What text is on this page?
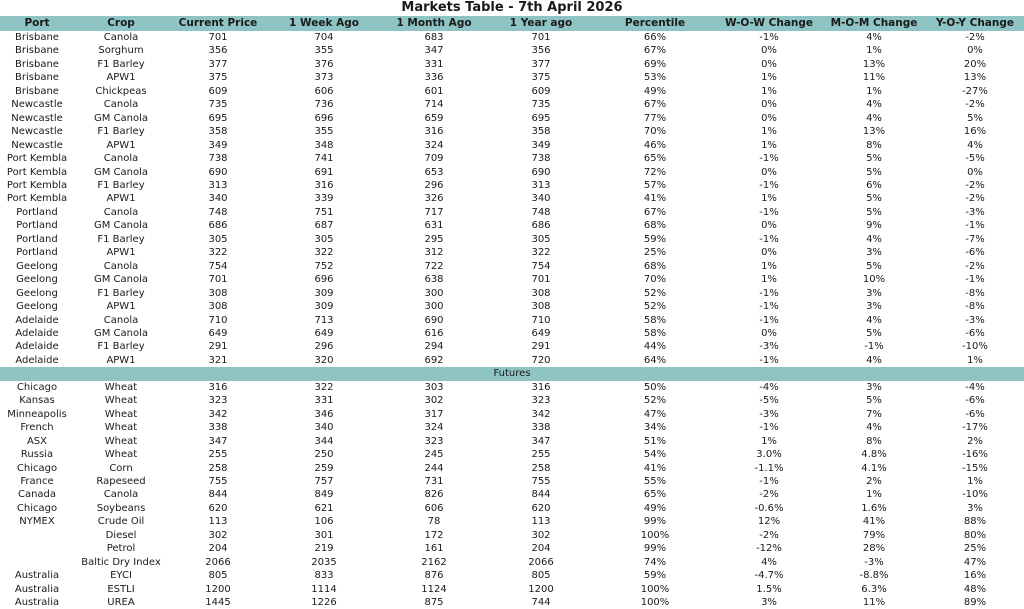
Markets Table - 7th April 2026
Port	Crop	Current Price	1 Week Ago	1 Month Ago	1 Year ago	Percentile	W-O-W Change	M-O-M Change	Y-O-Y Change
Brisbane	Canola	701	704	683	701	66%	-1%	4%	-2%
Brisbane	Sorghum	356	355	347	356	67%	0%	1%	0%
Brisbane	F1 Barley	377	376	331	377	69%	0%	13%	20%
Brisbane	APW1	375	373	336	375	53%	1%	11%	13%
Brisbane	Chickpeas	609	606	601	609	49%	1%	1%	-27%
Newcastle	Canola	735	736	714	735	67%	0%	4%	-2%
Newcastle	GM Canola	695	696	659	695	77%	0%	4%	5%
Newcastle	F1 Barley	358	355	316	358	70%	1%	13%	16%
Newcastle	APW1	349	348	324	349	46%	1%	8%	4%
Port Kembla	Canola	738	741	709	738	65%	-1%	5%	-5%
Port Kembla	GM Canola	690	691	653	690	72%	0%	5%	0%
Port Kembla	F1 Barley	313	316	296	313	57%	-1%	6%	-2%
Port Kembla	APW1	340	339	326	340	41%	1%	5%	-2%
Portland	Canola	748	751	717	748	67%	-1%	5%	-3%
Portland	GM Canola	686	687	631	686	68%	0%	9%	-1%
Portland	F1 Barley	305	305	295	305	59%	-1%	4%	-7%
Portland	APW1	322	322	312	322	25%	0%	3%	-6%
Geelong	Canola	754	752	722	754	68%	1%	5%	-2%
Geelong	GM Canola	701	696	638	701	70%	1%	10%	-1%
Geelong	F1 Barley	308	309	300	308	52%	-1%	3%	-8%
Geelong	APW1	308	309	300	308	52%	-1%	3%	-8%
Adelaide	Canola	710	713	690	710	58%	-1%	4%	-3%
Adelaide	GM Canola	649	649	616	649	58%	0%	5%	-6%
Adelaide	F1 Barley	291	296	294	291	44%	-3%	-1%	-10%
Adelaide	APW1	321	320	692	720	64%	-1%	4%	1%
Futures									
Chicago	Wheat	316	322	303	316	50%	-4%	3%	-4%
Kansas	Wheat	323	331	302	323	52%	-5%	5%	-6%
Minneapolis	Wheat	342	346	317	342	47%	-3%	7%	-6%
French	Wheat	338	340	324	338	34%	-1%	4%	-17%
ASX	Wheat	347	344	323	347	51%	1%	8%	2%
Russia	Wheat	255	250	245	255	54%	3.0%	4.8%	-16%
Chicago	Corn	258	259	244	258	41%	-1.1%	4.1%	-15%
France	Rapeseed	755	757	731	755	55%	-1%	2%	1%
Canada	Canola	844	849	826	844	65%	-2%	1%	-10%
Chicago	Soybeans	620	621	606	620	49%	-0.6%	1.6%	3%
NYMEX	Crude Oil	113	106	78	113	99%	12%	41%	88%
	Diesel	302	301	172	302	100%	-2%	79%	80%
	Petrol	204	219	161	204	99%	-12%	28%	25%
	Baltic Dry Index	2066	2035	2162	2066	74%	4%	-3%	47%
Australia	EYCI	805	833	876	805	59%	-4.7%	-8.8%	16%
Australia	ESTLI	1200	1114	1124	1200	100%	1.5%	6.3%	48%
Australia	UREA	1445	1226	875	744	100%	3%	11%	89%
